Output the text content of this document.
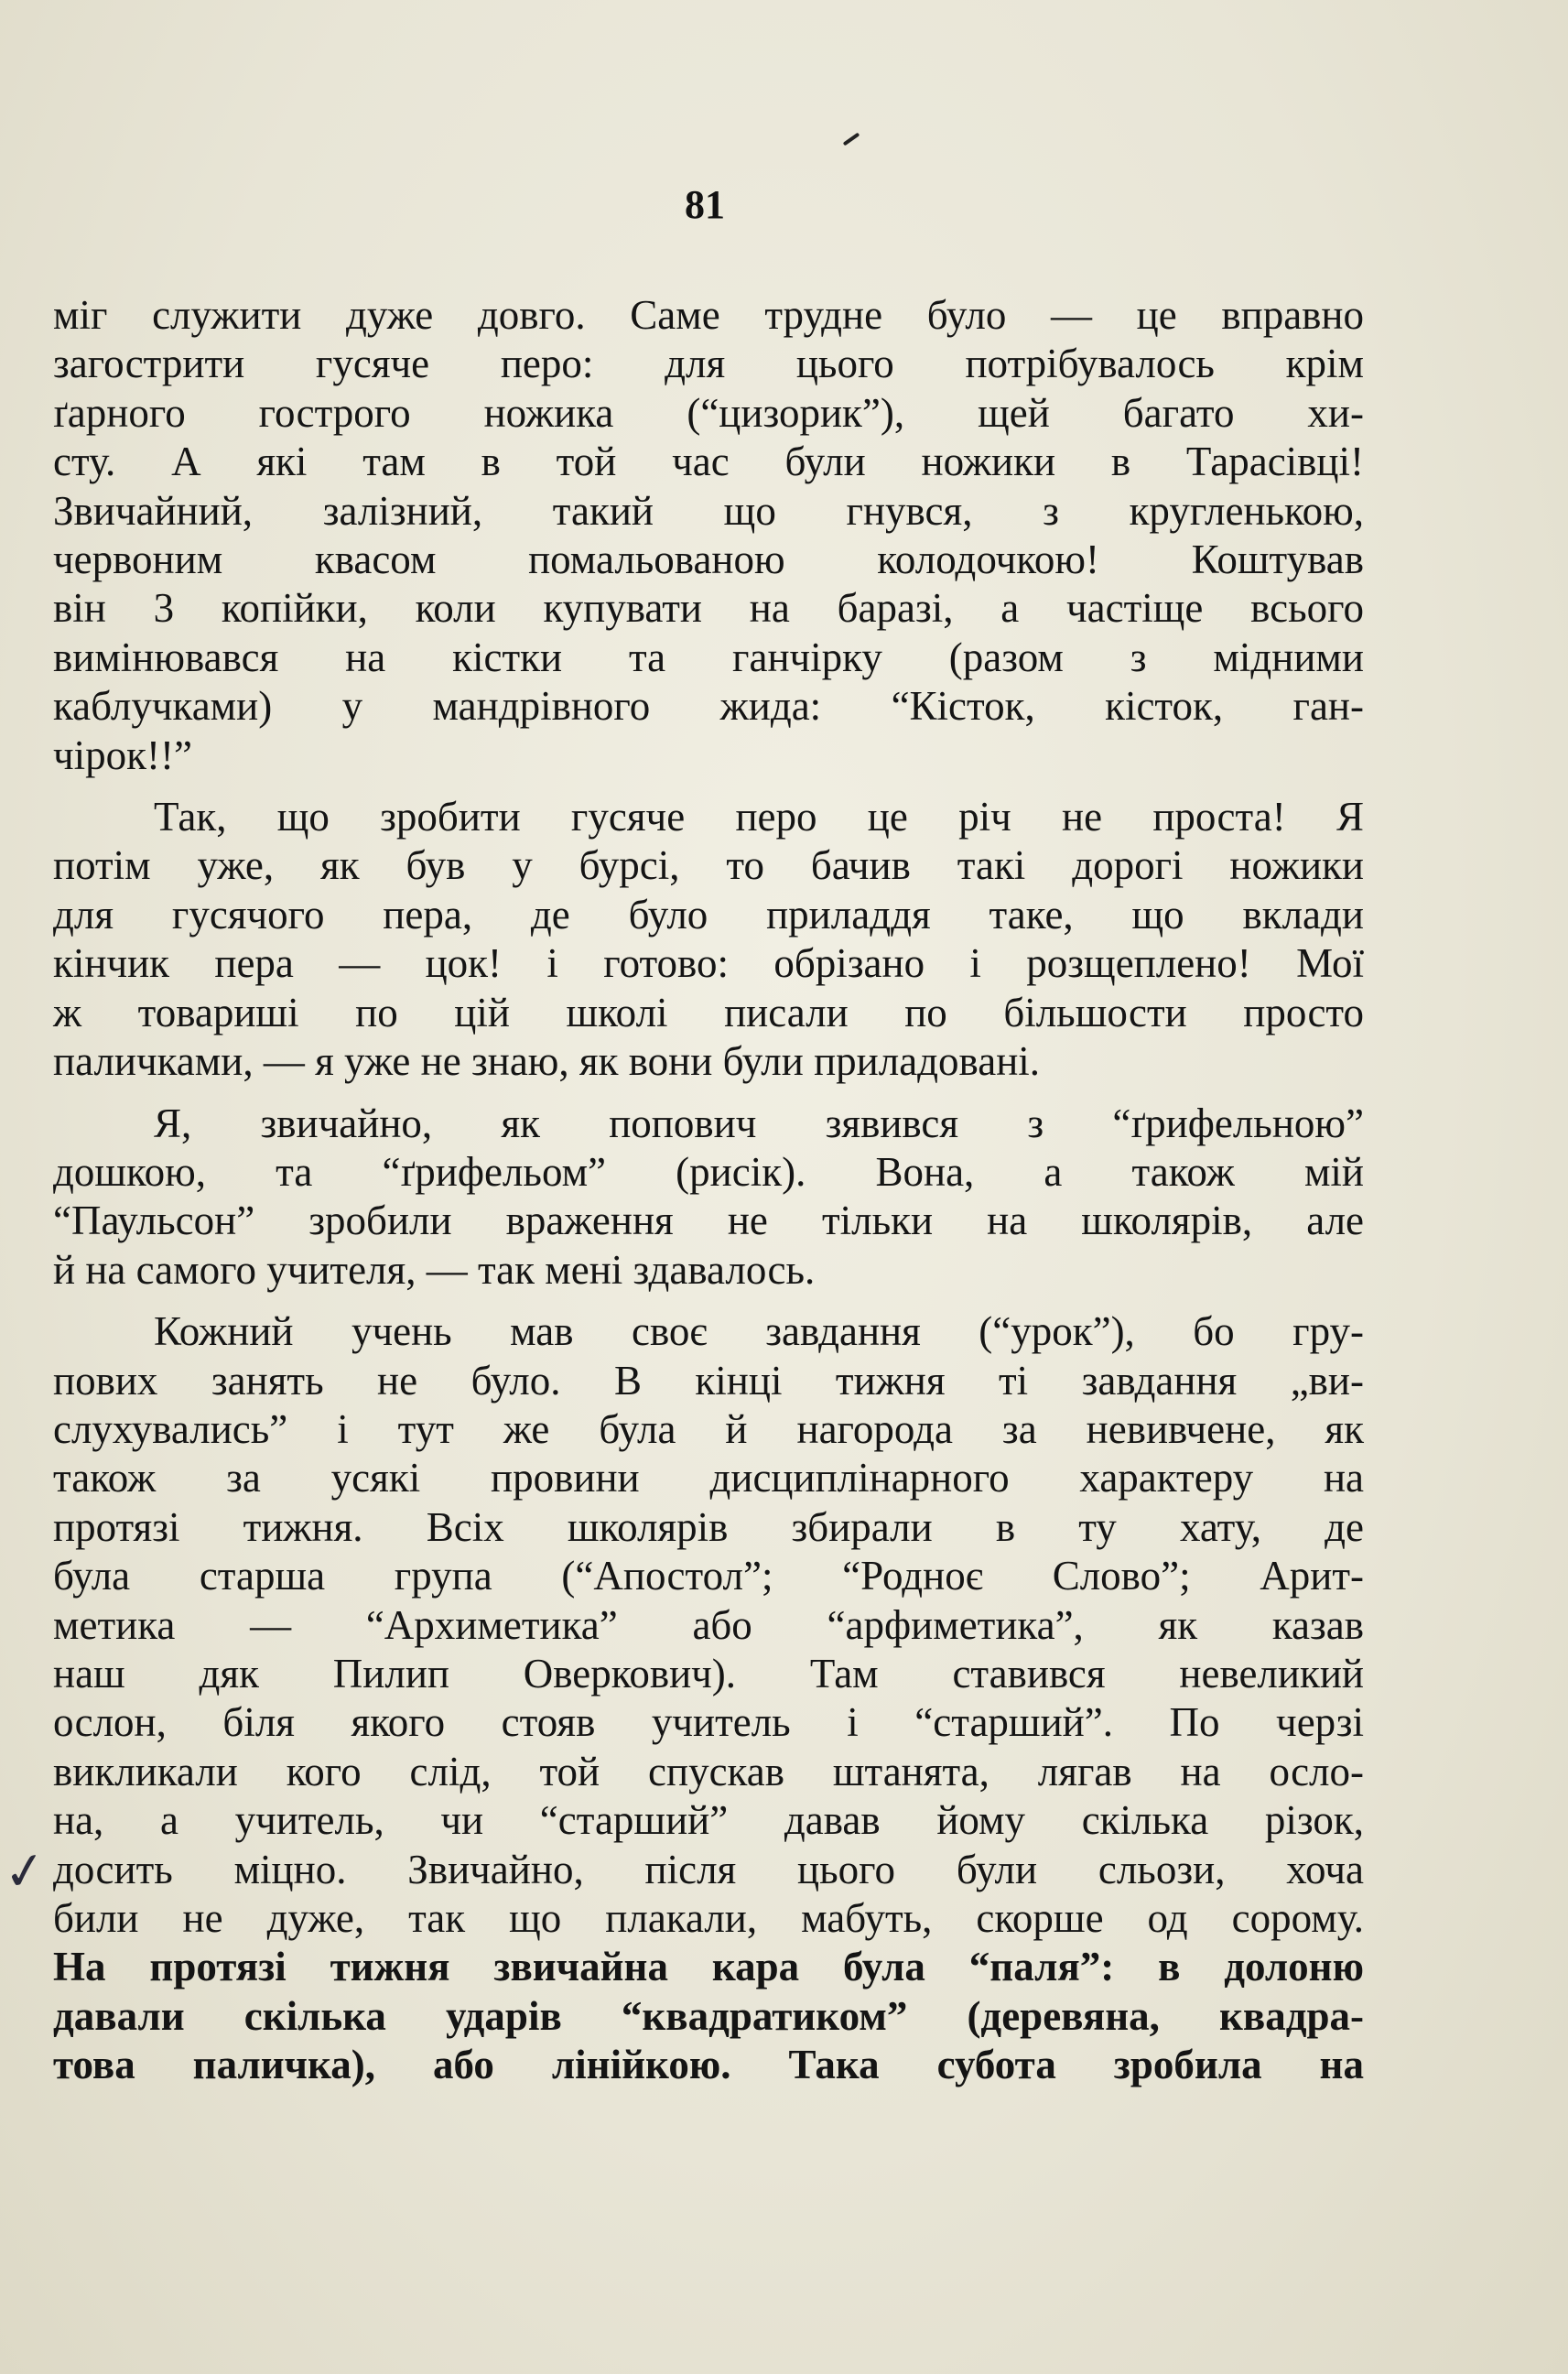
81
✓
міг служити дуже довго. Саме трудне було — це вправно
загострити гусяче перо: для цього потрібувалось крім
ґарного гострого ножика (“цизорик”), щей багато хи-
сту. А які там в той час були ножики в Тарасівці!
Звичайний, залізний, такий що гнувся, з кругленькою,
червоним квасом помальованою колодочкою! Коштував
він 3 копійки, коли купувати на баразі, а частіще всього
вимінювався на кістки та ганчірку (разом з мідними
каблучками) у мандрівного жида: “Кісток, кісток, ган-
чірок!!”
Так, що зробити гусяче перо це річ не проста! Я
потім уже, як був у бурсі, то бачив такі дорогі ножики
для гусячого пера, де було приладдя таке, що вклади
кінчик пера — цок! і готово: обрізано і розщеплено! Мої
ж товариші по цій школі писали по більшости просто
паличками, — я уже не знаю, як вони були приладовані.
Я, звичайно, як попович зявився з “ґрифельною”
дошкою, та “ґрифельом” (рисік). Вона, а також мій
“Паульсон” зробили враження не тільки на школярів, але
й на самого учителя, — так мені здавалось.
Кожний учень мав своє завдання (“урок”), бо гру-
пових занять не було. В кінці тижня ті завдання „ви-
слухувались” і тут же була й нагорода за невивчене, як
також за усякі провини дисциплінарного характеру на
протязі тижня. Всіх школярів збирали в ту хату, де
була старша група (“Апостол”; “Родноє Слово”; Арит-
метика — “Архиметика” або “арфиметика”, як казав
наш дяк Пилип Оверкович). Там ставився невеликий
ослон, біля якого стояв учитель і “старший”. По черзі
викликали кого слід, той спускав штанята, лягав на осло-
на, а учитель, чи “старший” давав йому скілька різок,
досить міцно. Звичайно, після цього були сльози, хоча
били не дуже, так що плакали, мабуть, скорше од сорому.
На протязі тижня звичайна кара була “паля”: в долоню
давали скілька ударів “квадратиком” (деревяна, квадра-
това паличка), або лінійкою. Така субота зробила на
